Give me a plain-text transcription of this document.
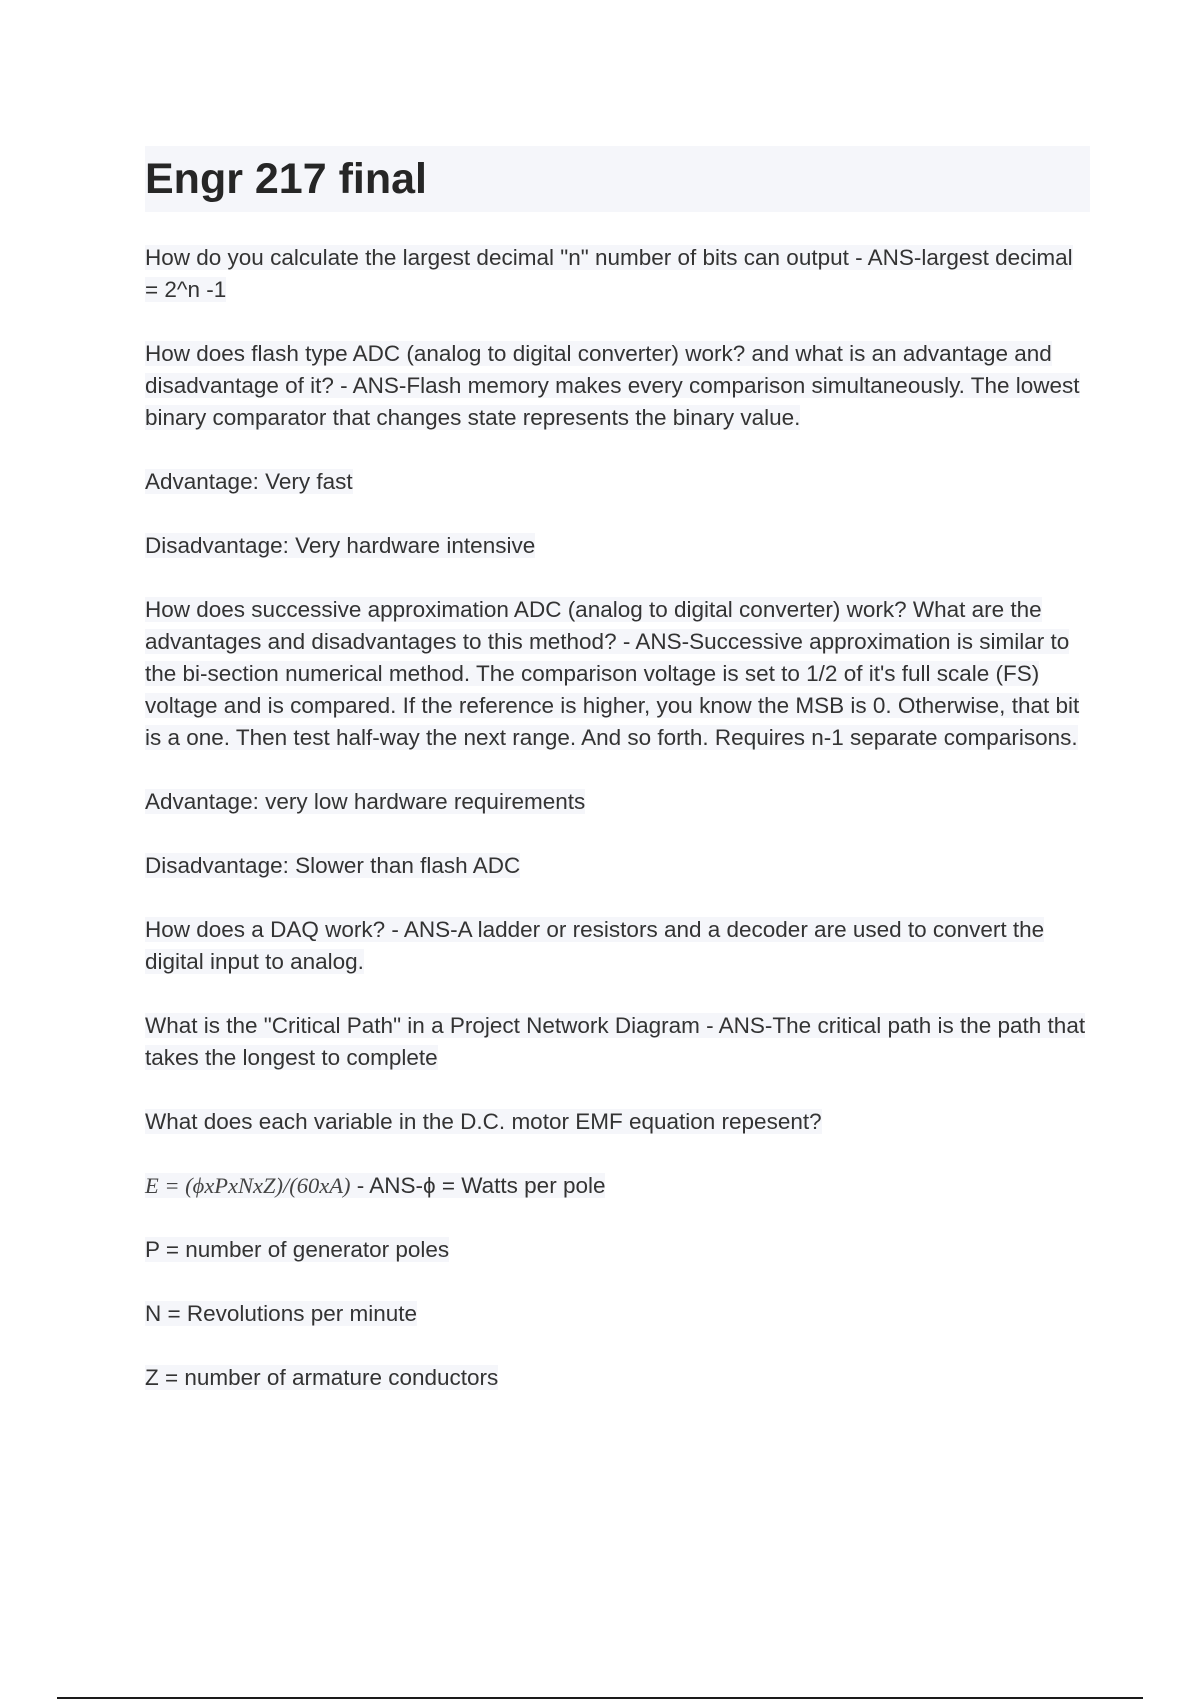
Engr 217 final

How do you calculate the largest decimal "n" number of bits can output - ANS-largest decimal = 2^n -1

How does flash type ADC (analog to digital converter) work? and what is an advantage and disadvantage of it? - ANS-Flash memory makes every comparison simultaneously. The lowest binary comparator that changes state represents the binary value.

Advantage: Very fast

Disadvantage: Very hardware intensive

How does successive approximation ADC (analog to digital converter) work? What are the advantages and disadvantages to this method? - ANS-Successive approximation is similar to the bi-section numerical method. The comparison voltage is set to 1/2 of it's full scale (FS) voltage and is compared. If the reference is higher, you know the MSB is 0. Otherwise, that bit is a one. Then test half-way the next range. And so forth. Requires n-1 separate comparisons.

Advantage: very low hardware requirements

Disadvantage: Slower than flash ADC

How does a DAQ work? - ANS-A ladder or resistors and a decoder are used to convert the digital input to analog.

What is the "Critical Path" in a Project Network Diagram - ANS-The critical path is the path that takes the longest to complete

What does each variable in the D.C. motor EMF equation repesent?

E = (ϕxPxNxZ)/(60xA) - ANS-ϕ = Watts per pole

P = number of generator poles

N = Revolutions per minute

Z = number of armature conductors
